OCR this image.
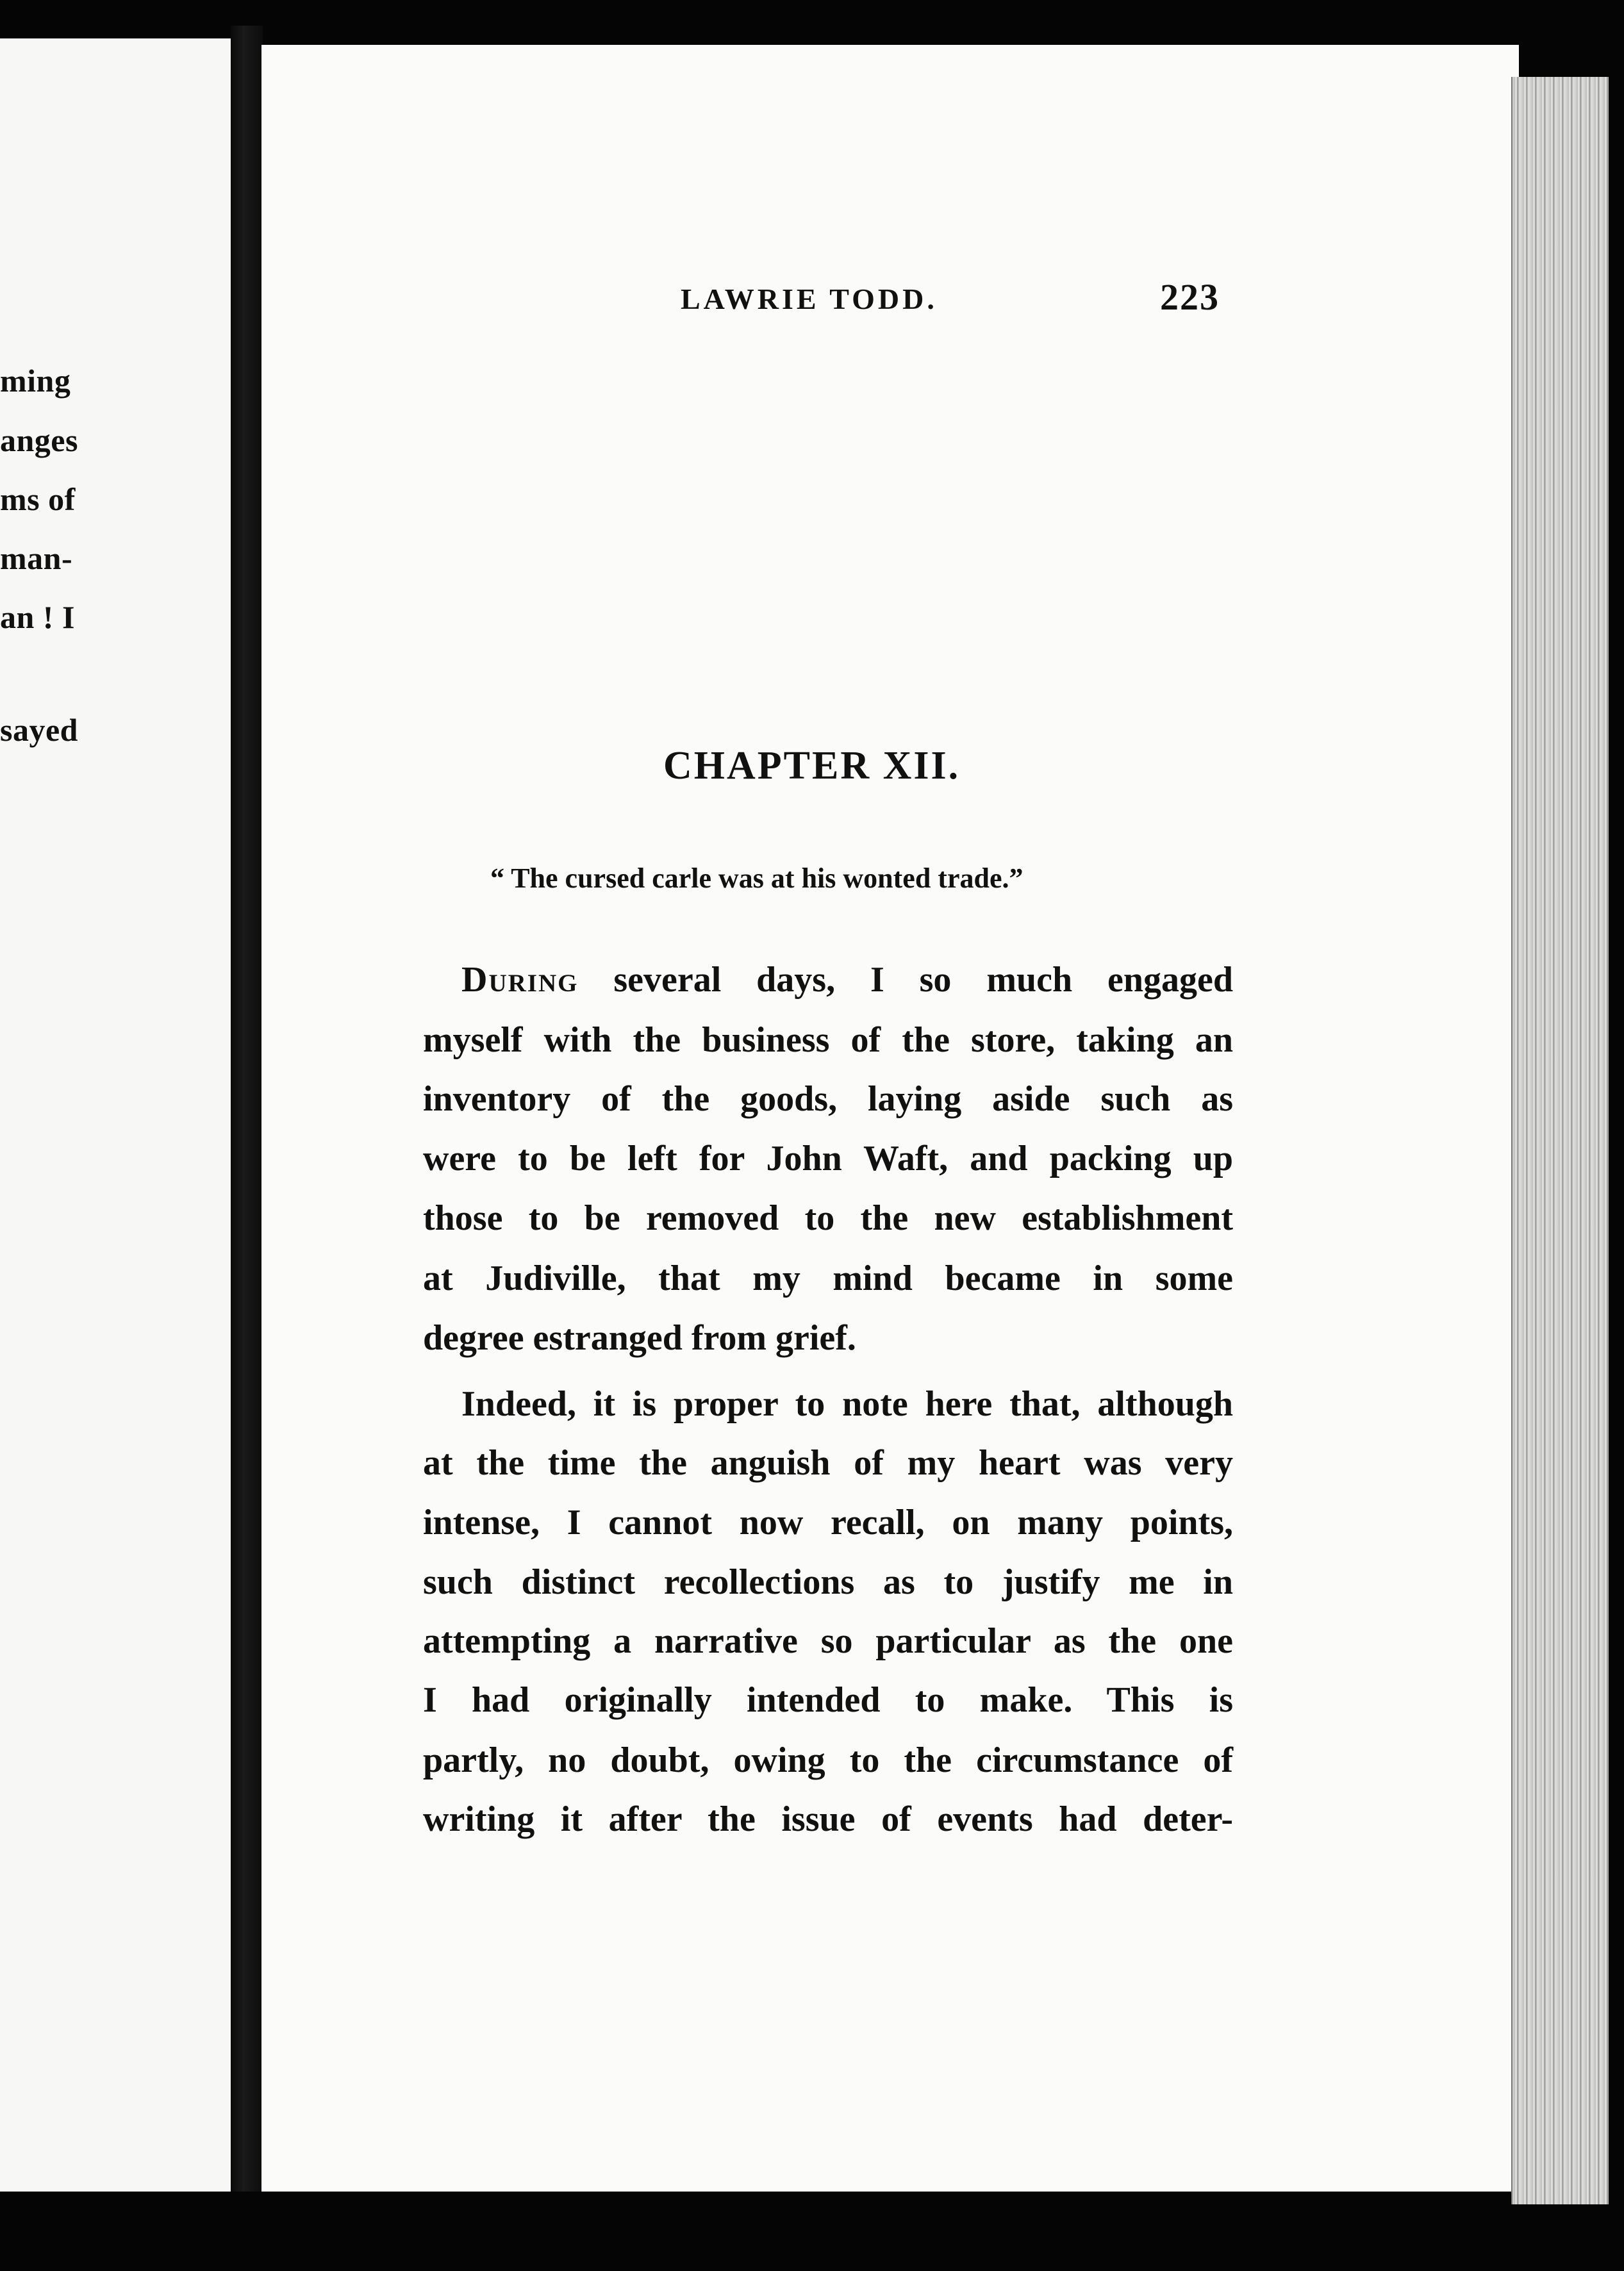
ming
anges
ms of
man-
an ! I
sayed
LAWRIE TODD.	223
CHAPTER XII.
“ The cursed carle was at his wonted trade.”
During several days, I so much engaged
myself with the business of the store, taking an
inventory of the goods, laying aside such as
were to be left for John Waft, and packing up
those to be removed to the new establishment
at Judiville, that my mind became in some
degree estranged from grief.
Indeed, it is proper to note here that, although
at the time the anguish of my heart was very
intense, I cannot now recall, on many points,
such distinct recollections as to justify me in
attempting a narrative so particular as the one
I had originally intended to make. This is
partly, no doubt, owing to the circumstance of
writing it after the issue of events had deter-
